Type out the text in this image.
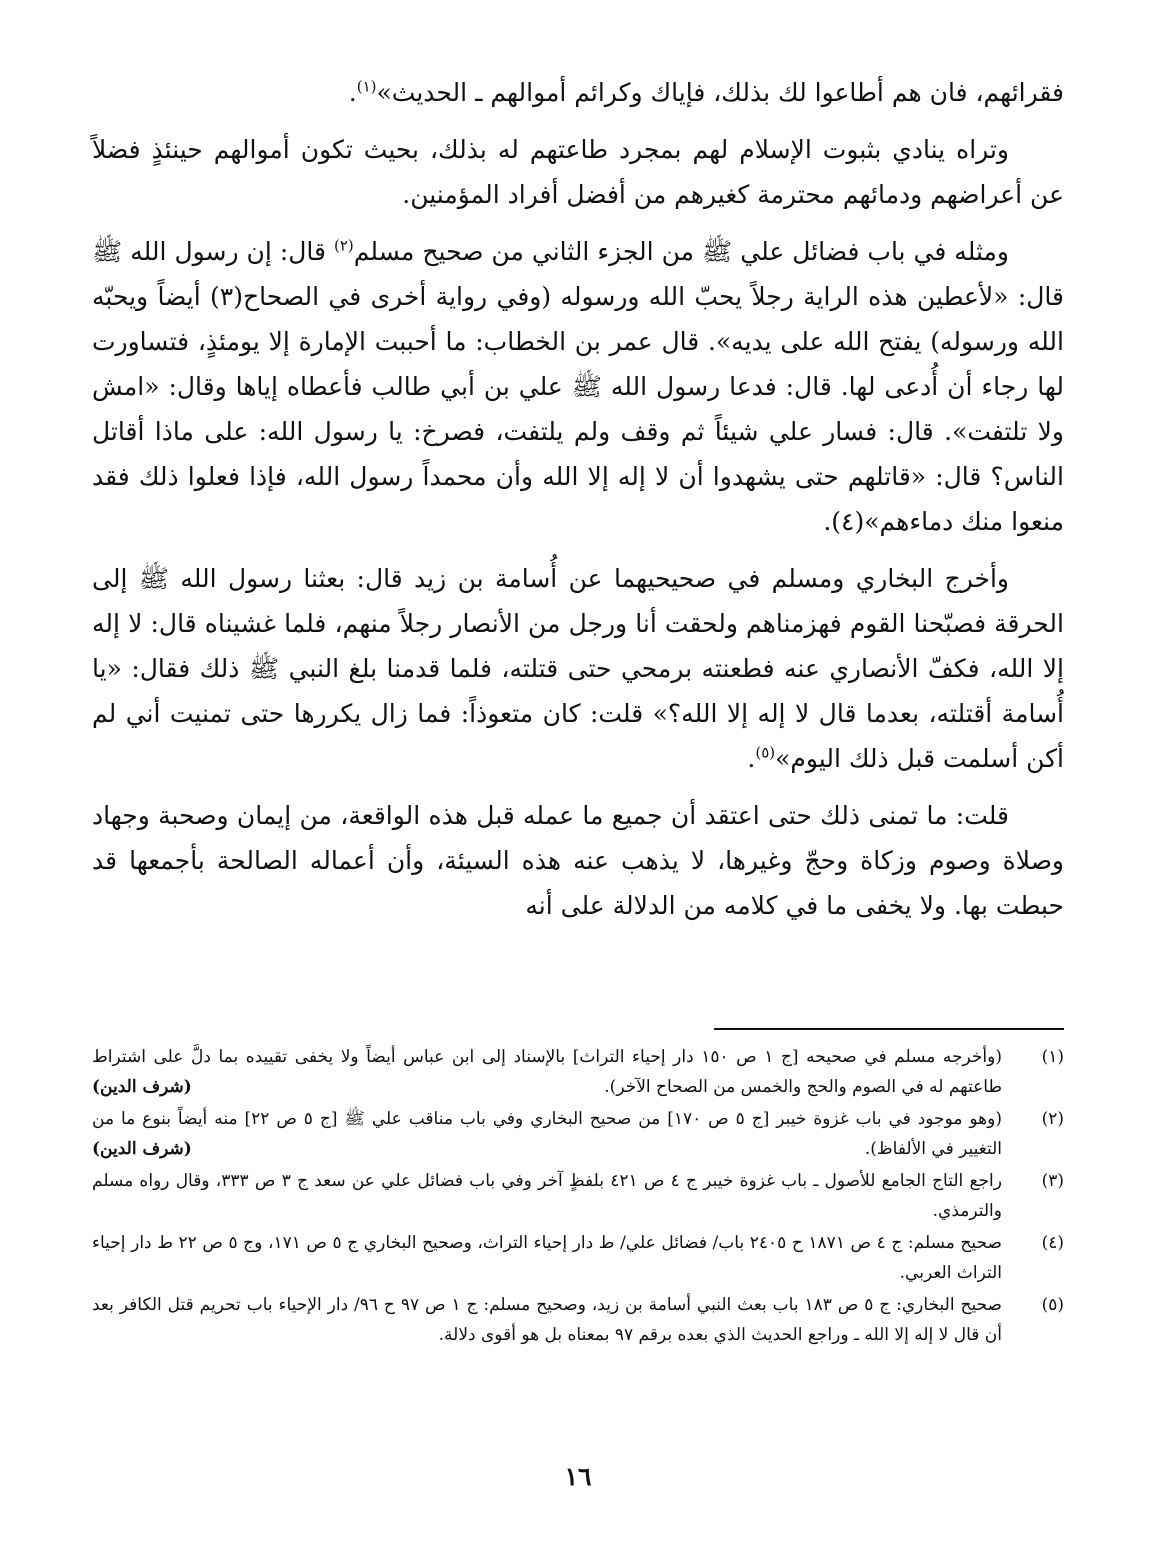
فقرائهم، فان هم أطاعوا لك بذلك، فإياك وكرائم أموالهم ـ الحديث»$^{(١)}$.

وتراه ينادي بثبوت الإسلام لهم بمجرد طاعتهم له بذلك، بحيث تكون أموالهم حينئذٍ فضلاً عن أعراضهم ودمائهم محترمة كغيرهم من أفضل أفراد المؤمنين.

ومثله في باب فضائل علي ﷺ من الجزء الثاني من صحيح مسلم$^{(٢)}$ قال: إن رسول الله ﷺ قال: «لأعطين هذه الراية رجلاً يحبّ الله ورسوله (وفي رواية أخرى في الصحاح(٣) أيضاً ويحبّه الله ورسوله) يفتح الله على يديه». قال عمر بن الخطاب: ما أحببت الإمارة إلا يومئذٍ، فتساورت لها رجاء أن أُدعى لها. قال: فدعا رسول الله ﷺ علي بن أبي طالب فأعطاه إياها وقال: «امش ولا تلتفت». قال: فسار علي شيئاً ثم وقف ولم يلتفت، فصرخ: يا رسول الله: على ماذا أقاتل الناس؟ قال: «قاتلهم حتى يشهدوا أن لا إله إلا الله وأن محمداً رسول الله، فإذا فعلوا ذلك فقد منعوا منك دماءهم»(٤).

وأخرج البخاري ومسلم في صحيحيهما عن أُسامة بن زيد قال: بعثنا رسول الله ﷺ إلى الحرقة فصبّحنا القوم فهزمناهم ولحقت أنا ورجل من الأنصار رجلاً منهم، فلما غشيناه قال: لا إله إلا الله، فكفّ الأنصاري عنه فطعنته برمحي حتى قتلته، فلما قدمنا بلغ النبي ﷺ ذلك فقال: «يا أُسامة أقتلته، بعدما قال لا إله إلا الله؟» قلت: كان متعوذاً: فما زال يكررها حتى تمنيت أني لم أكن أسلمت قبل ذلك اليوم»$^{(٥)}$.

قلت: ما تمنى ذلك حتى اعتقد أن جميع ما عمله قبل هذه الواقعة، من إيمان وصحبة وجهاد وصلاة وصوم وزكاة وحجّ وغيرها، لا يذهب عنه هذه السيئة، وأن أعماله الصالحة بأجمعها قد حبطت بها. ولا يخفى ما في كلامه من الدلالة على أنه

(١)
(وأخرجه مسلم في صحيحه [ج ١ ص ١٥٠ دار إحياء التراث] بالإسناد إلى ابن عباس أيضاً ولا يخفى تقييده بما دلَّ على اشتراط طاعتهم له في الصوم والحج والخمس من الصحاح الآخر).
(شرف الدين)
(٢)
(وهو موجود في باب غزوة خيبر [ج ٥ ص ١٧٠] من صحيح البخاري وفي باب مناقب علي ﷺ [ج ٥ ص ٢٢] منه أيضاً بنوع ما من التغيير في الألفاظ).
(شرف الدين)
(٣)
راجع التاج الجامع للأصول ـ باب غزوة خيبر ج ٤ ص ٤٢١ بلفظٍ آخر وفي باب فضائل علي عن سعد ج ٣ ص ٣٣٣، وقال رواه مسلم والترمذي.
(٤)
صحيح مسلم: ج ٤ ص ١٨٧١ ح ٢٤٠٥ باب/ فضائل علي/ ط دار إحياء التراث، وصحيح البخاري ج ٥ ص ١٧١، وج ٥ ص ٢٢ ط دار إحياء التراث العربي.
(٥)
صحيح البخاري: ج ٥ ص ١٨٣ باب بعث النبي أسامة بن زيد، وصحيح مسلم: ج ١ ص ٩٧ ح ٩٦/ دار الإحياء باب تحريم قتل الكافر بعد أن قال لا إله إلا الله ـ وراجع الحديث الذي بعده برقم ٩٧ بمعناه بل هو أقوى دلالة.
١٦
